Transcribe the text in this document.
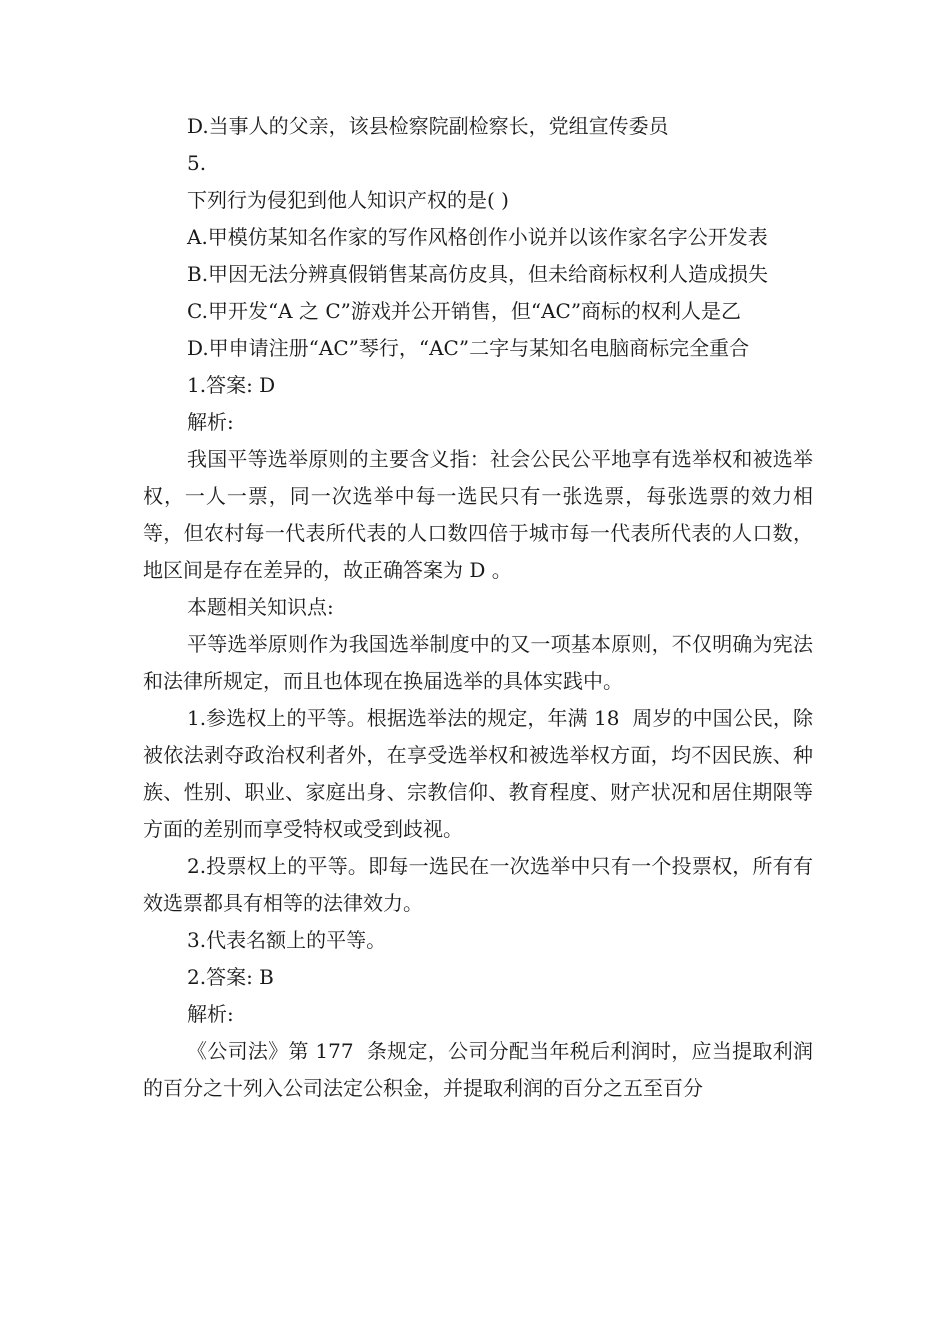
D.当事人的父亲，该县检察院副检察长，党组宣传委员

5.

下列行为侵犯到他人知识产权的是( )

A.甲模仿某知名作家的写作风格创作小说并以该作家名字公开发表

B.甲因无法分辨真假销售某高仿皮具，但未给商标权利人造成损失

C.甲开发“A 之 C”游戏并公开销售，但“AC”商标的权利人是乙

D.甲申请注册“AC”琴行，“AC”二字与某知名电脑商标完全重合

1.答案: D

解析:

我国平等选举原则的主要含义指：社会公民公平地享有选举权和被选举权，一人一票，同一次选举中每一选民只有一张选票，每张选票的效力相等，但农村每一代表所代表的人口数四倍于城市每一代表所代表的人口数，地区间是存在差异的，故正确答案为 D 。

本题相关知识点:

平等选举原则作为我国选举制度中的又一项基本原则，不仅明确为宪法和法律所规定，而且也体现在换届选举的具体实践中。

1.参选权上的平等。根据选举法的规定，年满 18  周岁的中国公民，除被依法剥夺政治权利者外，在享受选举权和被选举权方面，均不因民族、种族、性别、职业、家庭出身、宗教信仰、教育程度、财产状况和居住期限等方面的差别而享受特权或受到歧视。

2.投票权上的平等。即每一选民在一次选举中只有一个投票权，所有有效选票都具有相等的法律效力。

3.代表名额上的平等。

2.答案: B

解析:

《公司法》第 177  条规定，公司分配当年税后利润时，应当提取利润的百分之十列入公司法定公积金，并提取利润的百分之五至百分
